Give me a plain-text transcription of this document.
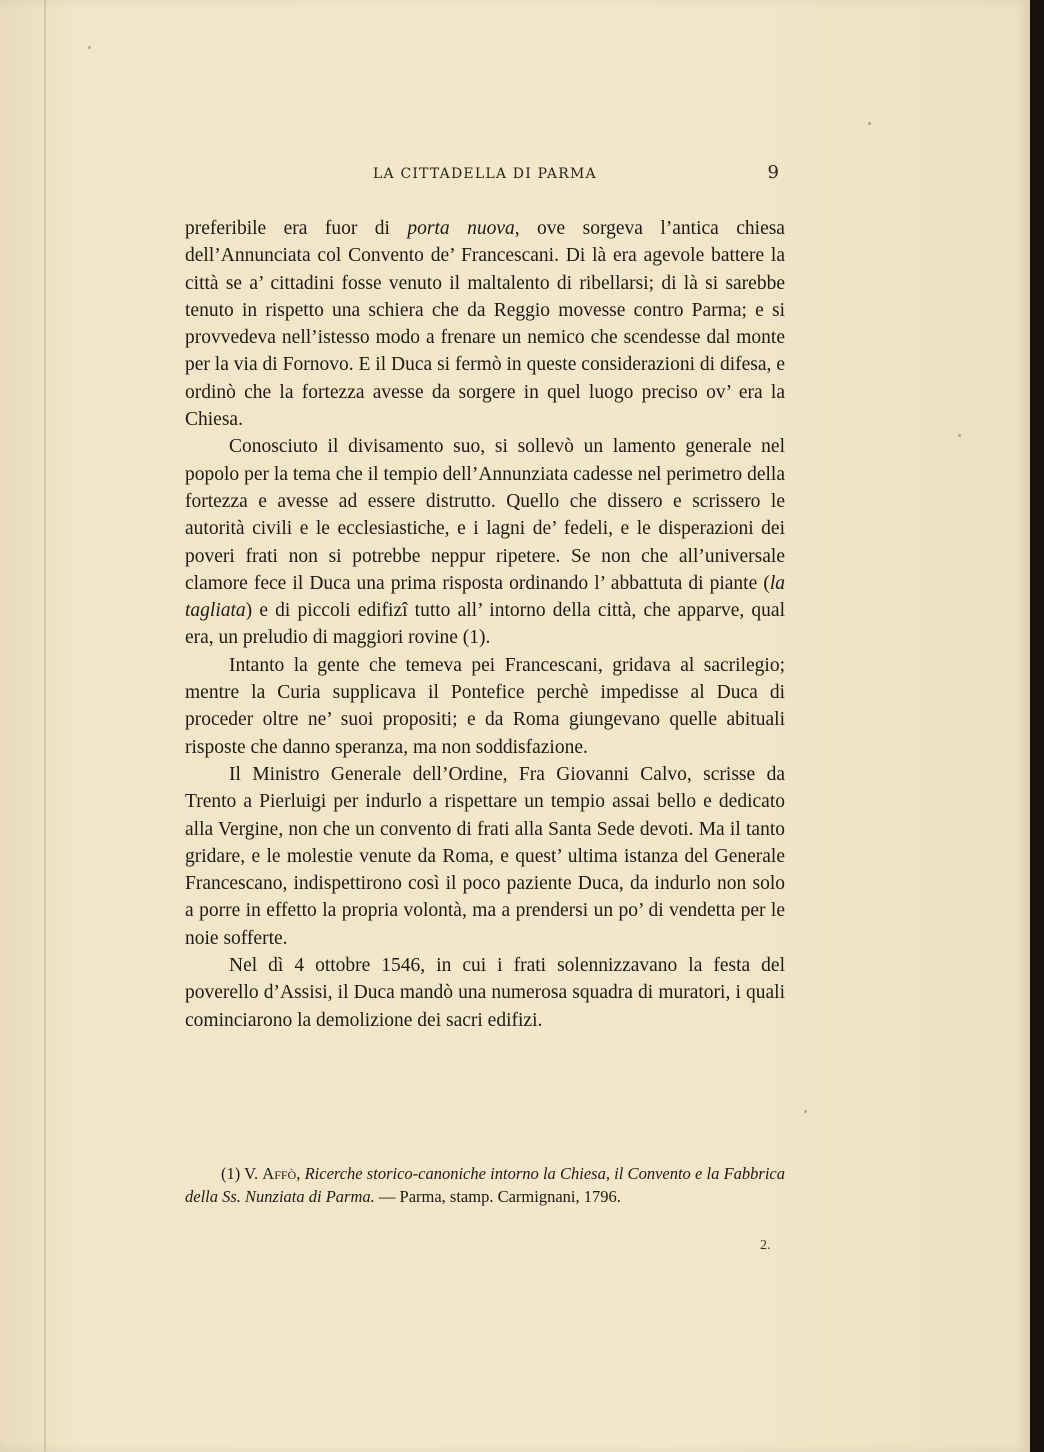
LA CITTADELLA DI PARMA	9

preferibile era fuor di porta nuova, ove sorgeva l’antica chiesa dell’Annunciata col Convento de’ Francescani. Di là era agevole battere la città se a’ cittadini fosse venuto il maltalento di ribellarsi; di là si sarebbe tenuto in rispetto una schiera che da Reggio movesse contro Parma; e si provvedeva nell’istesso modo a frenare un nemico che scendesse dal monte per la via di Fornovo. E il Duca si fermò in queste considerazioni di difesa, e ordinò che la fortezza avesse da sorgere in quel luogo preciso ov’ era la Chiesa.

Conosciuto il divisamento suo, si sollevò un lamento generale nel popolo per la tema che il tempio dell’Annunziata cadesse nel perimetro della fortezza e avesse ad essere distrutto. Quello che dissero e scrissero le autorità civili e le ecclesiastiche, e i lagni de’ fedeli, e le disperazioni dei poveri frati non si potrebbe neppur ripetere. Se non che all’universale clamore fece il Duca una prima risposta ordinando l’ abbattuta di piante (la tagliata) e di piccoli edifizî tutto all’ intorno della città, che apparve, qual era, un preludio di maggiori rovine (1).

Intanto la gente che temeva pei Francescani, gridava al sacrilegio; mentre la Curia supplicava il Pontefice perchè impedisse al Duca di proceder oltre ne’ suoi propositi; e da Roma giungevano quelle abituali risposte che danno speranza, ma non soddisfazione.

Il Ministro Generale dell’Ordine, Fra Giovanni Calvo, scrisse da Trento a Pierluigi per indurlo a rispettare un tempio assai bello e dedicato alla Vergine, non che un convento di frati alla Santa Sede devoti. Ma il tanto gridare, e le molestie venute da Roma, e quest’ ultima istanza del Generale Francescano, indispettirono così il poco paziente Duca, da indurlo non solo a porre in effetto la propria volontà, ma a prendersi un po’ di vendetta per le noie sofferte.

Nel dì 4 ottobre 1546, in cui i frati solennizzavano la festa del poverello d’Assisi, il Duca mandò una numerosa squadra di muratori, i quali cominciarono la demolizione dei sacri edifizi.

(1) V. Affò, Ricerche storico-canoniche intorno la Chiesa, il Convento e la Fabbrica della Ss. Nunziata di Parma. — Parma, stamp. Carmignani, 1796.

2.
